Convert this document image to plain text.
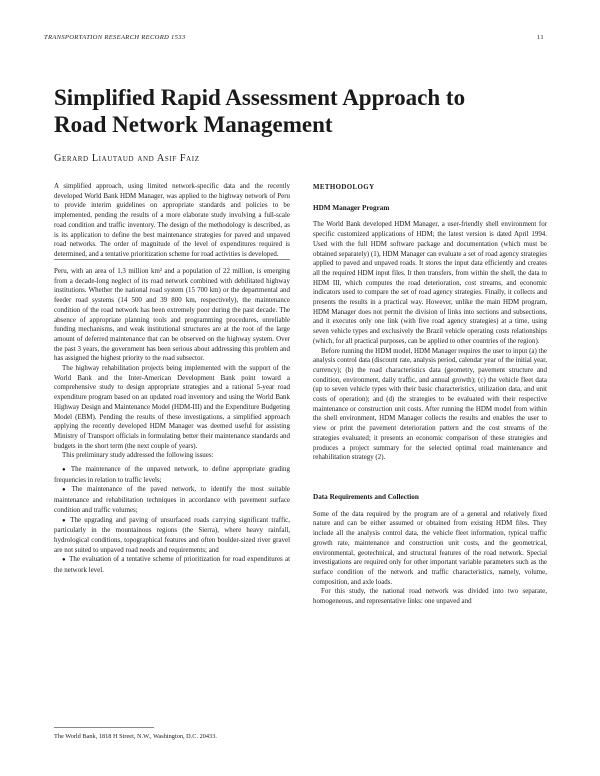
TRANSPORTATION RESEARCH RECORD 1533	11
Simplified Rapid Assessment Approach to
Road Network Management
Gerard Liautaud and Asif Faiz

A simplified approach, using limited network-specific data and the recently developed World Bank HDM Manager, was applied to the highway network of Peru to provide interim guidelines on appropriate standards and policies to be implemented, pending the results of a more elaborate study involving a full-scale road condition and traffic inventory. The design of the methodology is described, as is its application to define the best maintenance strategies for paved and unpaved road networks. The order of magnitude of the level of expenditures required is determined, and a tentative prioritization scheme for road activities is developed.

Peru, with an area of 1.3 million km² and a population of 22 million, is emerging from a decade-long neglect of its road network combined with debilitated highway institutions. Whether the national road system (15 700 km) or the departmental and feeder road systems (14 500 and 39 800 km, respectively), the maintenance condition of the road network has been extremely poor during the past decade. The absence of appropriate planning tools and programming procedures, unreliable funding mechanisms, and weak institutional structures are at the root of the large amount of deferred maintenance that can be observed on the highway system. Over the past 3 years, the government has been serious about addressing this problem and has assigned the highest priority to the road subsector.

The highway rehabilitation projects being implemented with the support of the World Bank and the Inter-American Development Bank point toward a comprehensive study to design appropriate strategies and a rational 5-year road expenditure program based on an updated road inventory and using the World Bank Highway Design and Maintenance Model (HDM-III) and the Expenditure Budgeting Model (EBM). Pending the results of these investigations, a simplified approach applying the recently developed HDM Manager was deemed useful for assisting Ministry of Transport officials in formulating better their maintenance standards and budgets in the short term (the next couple of years).

This preliminary study addressed the following issues:

● The maintenance of the unpaved network, to define appropriate grading frequencies in relation to traffic levels;
● The maintenance of the paved network, to identify the most suitable maintenance and rehabilitation techniques in accordance with pavement surface condition and traffic volumes;
● The upgrading and paving of unsurfaced roads carrying significant traffic, particularly in the mountainous regions (the Sierra), where heavy rainfall, hydrological conditions, topographical features and often boulder-sized river gravel are not suited to unpaved road needs and requirements; and
● The evaluation of a tentative scheme of prioritization for road expenditures at the network level.
The World Bank, 1818 H Street, N.W., Washington, D.C. 20433.
METHODOLOGY
HDM Manager Program

The World Bank developed HDM Manager, a user-friendly shell environment for specific customized applications of HDM; the latest version is dated April 1994. Used with the full HDM software package and documentation (which must be obtained separately) (1), HDM Manager can evaluate a set of road agency strategies applied to paved and unpaved roads. It stores the input data efficiently and creates all the required HDM input files. It then transfers, from within the shell, the data to HDM III, which computes the road deterioration, cost streams, and economic indicators used to compare the set of road agency strategies. Finally, it collects and presents the results in a practical way. However, unlike the main HDM program, HDM Manager does not permit the division of links into sections and subsections, and it executes only one link (with five road agency strategies) at a time, using seven vehicle types and exclusively the Brazil vehicle operating costs relationships (which, for all practical purposes, can be applied to other countries of the region).

Before running the HDM model, HDM Manager requires the user to input (a) the analysis control data (discount rate, analysis period, calendar year of the initial year, currency); (b) the road characteristics data (geometry, pavement structure and condition, environment, daily traffic, and annual growth); (c) the vehicle fleet data (up to seven vehicle types with their basic characteristics, utilization data, and unit costs of operation); and (d) the strategies to be evaluated with their respective maintenance or construction unit costs. After running the HDM model from within the shell environment, HDM Manager collects the results and enables the user to view or print the pavement deterioration pattern and the cost streams of the strategies evaluated; it presents an economic comparison of these strategies and produces a project summary for the selected optimal road maintenance and rehabilitation strategy (2).

Data Requirements and Collection

Some of the data required by the program are of a general and relatively fixed nature and can be either assumed or obtained from existing HDM files. They include all the analysis control data, the vehicle fleet information, typical traffic growth rate, maintenance and construction unit costs, and the geometrical, environmental, geotechnical, and structural features of the road network. Special investigations are required only for other important variable parameters such as the surface condition of the network and traffic characteristics, namely, volume, composition, and axle loads.

For this study, the national road network was divided into two separate, homogeneous, and representative links: one unpaved and
